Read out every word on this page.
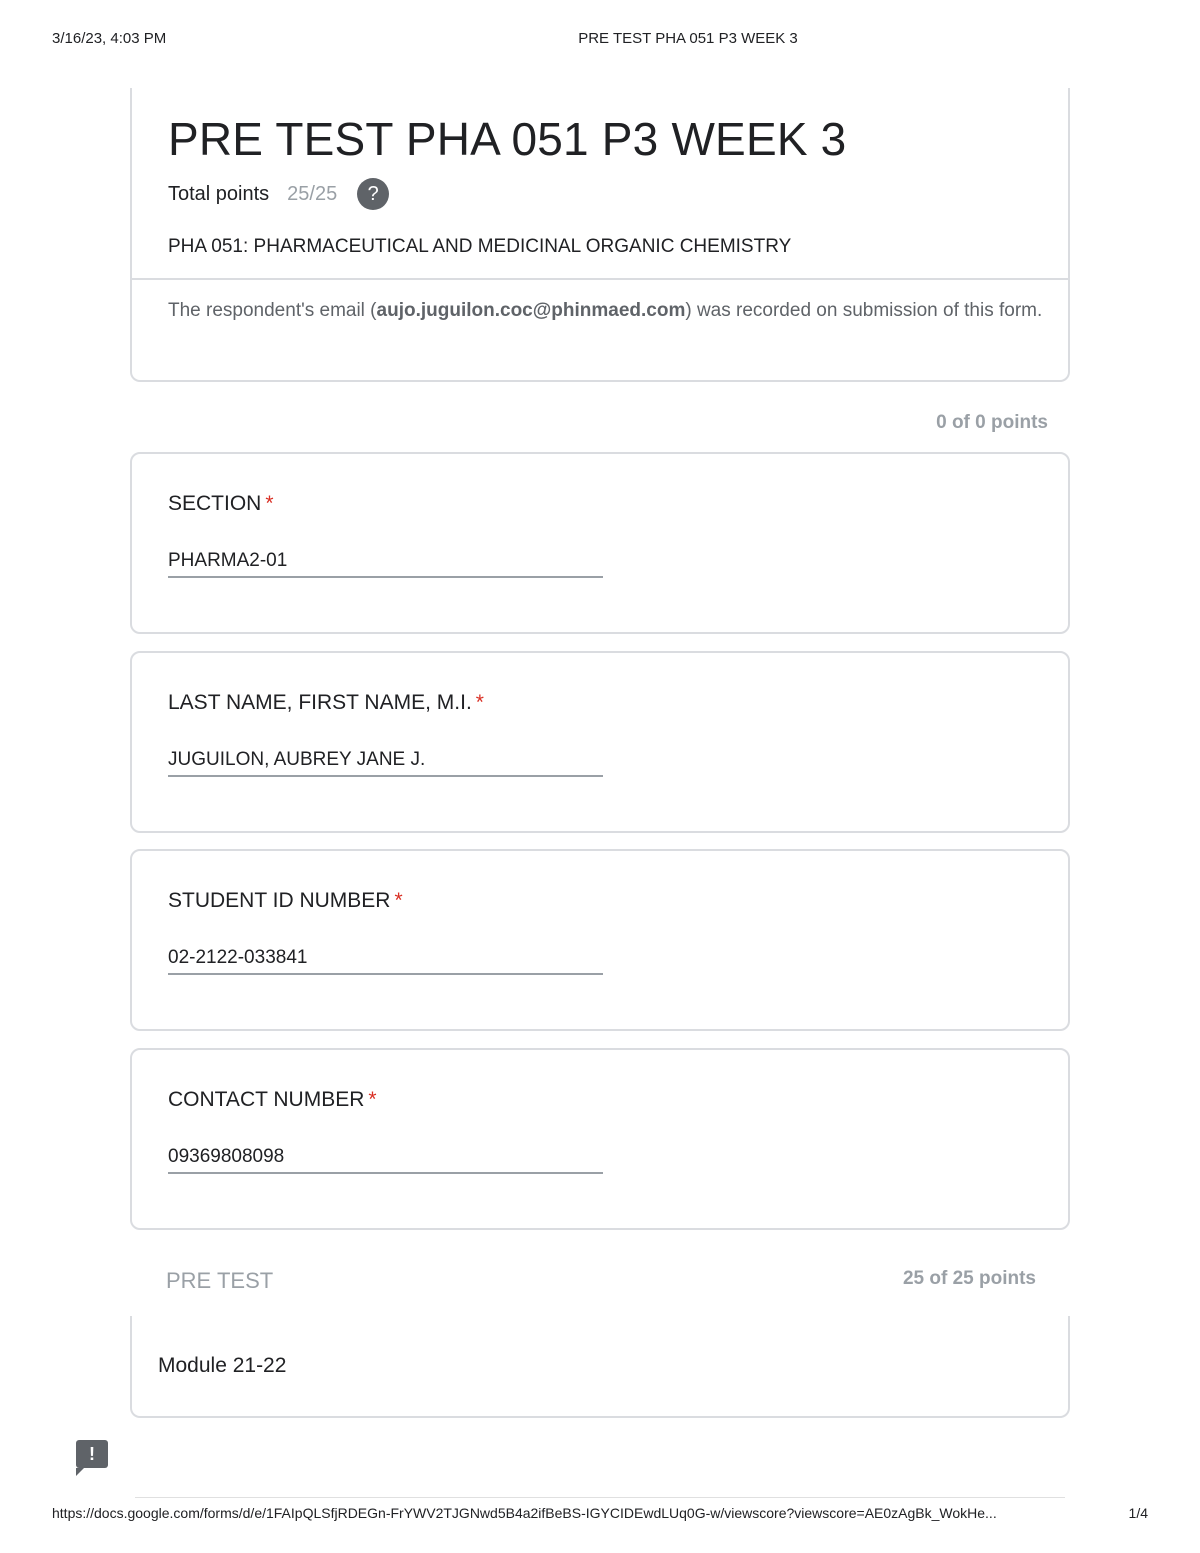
3/16/23, 4:03 PM	PRE TEST PHA 051 P3 WEEK 3
PRE TEST PHA 051 P3 WEEK 3
Total points 25/25	?
PHA 051: PHARMACEUTICAL AND MEDICINAL ORGANIC CHEMISTRY
The respondent's email (aujo.juguilon.coc@phinmaed.com) was recorded on submission of this form.
0 of 0 points
SECTION *
PHARMA2-01
LAST NAME, FIRST NAME, M.I. *
JUGUILON, AUBREY JANE J.
STUDENT ID NUMBER *
02-2122-033841
CONTACT NUMBER *
09369808098
PRE TEST	25 of 25 points
Module 21-22
!
https://docs.google.com/forms/d/e/1FAIpQLSfjRDEGn-FrYWV2TJGNwd5B4a2ifBeBS-IGYCIDEwdLUq0G-w/viewscore?viewscore=AE0zAgBk_WokHe...	1/4
